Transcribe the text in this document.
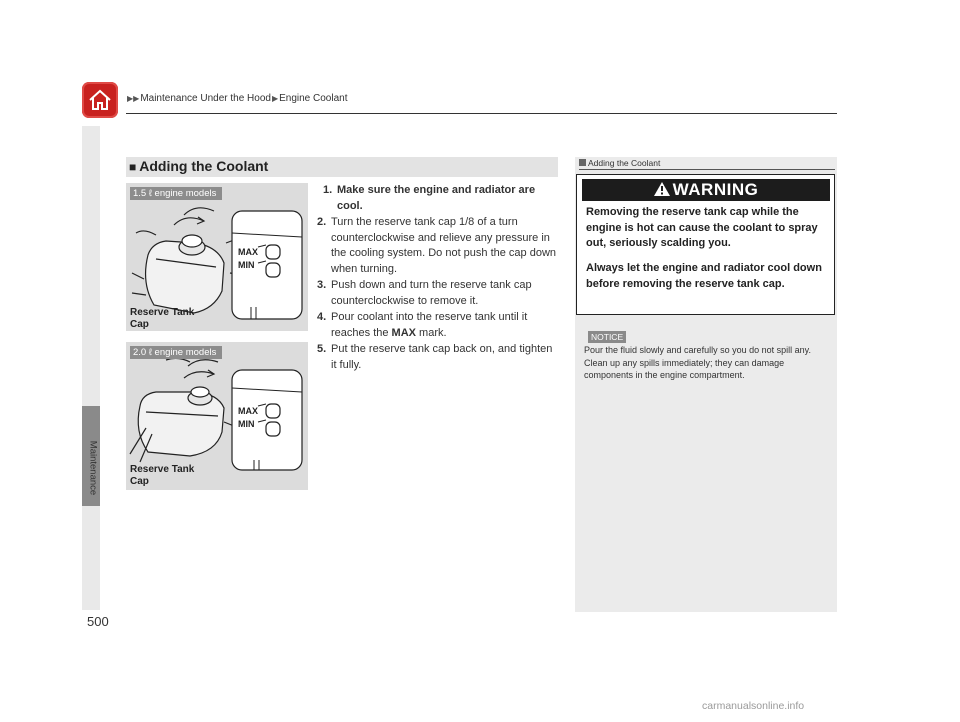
▶▶Maintenance Under the Hood▶Engine Coolant
Maintenance
■ Adding the Coolant
MAX
MIN
1.5 ℓ engine models
Reserve Tank
Cap
MAX
MIN
2.0 ℓ engine models
Reserve Tank
Cap
1. Make sure the engine and radiator are cool.
2. Turn the reserve tank cap 1/8 of a turn counterclockwise and relieve any pressure in the cooling system. Do not push the cap down when turning.
3. Push down and turn the reserve tank cap counterclockwise to remove it.
4. Pour coolant into the reserve tank until it reaches the MAX mark.
5. Put the reserve tank cap back on, and tighten it fully.
Adding the Coolant
WARNING
Removing the reserve tank cap while the engine is hot can cause the coolant to spray out, seriously scalding you.
Always let the engine and radiator cool down before removing the reserve tank cap.
NOTICE
Pour the fluid slowly and carefully so you do not spill any. Clean up any spills immediately; they can damage components in the engine compartment.
500
carmanualsonline.info
